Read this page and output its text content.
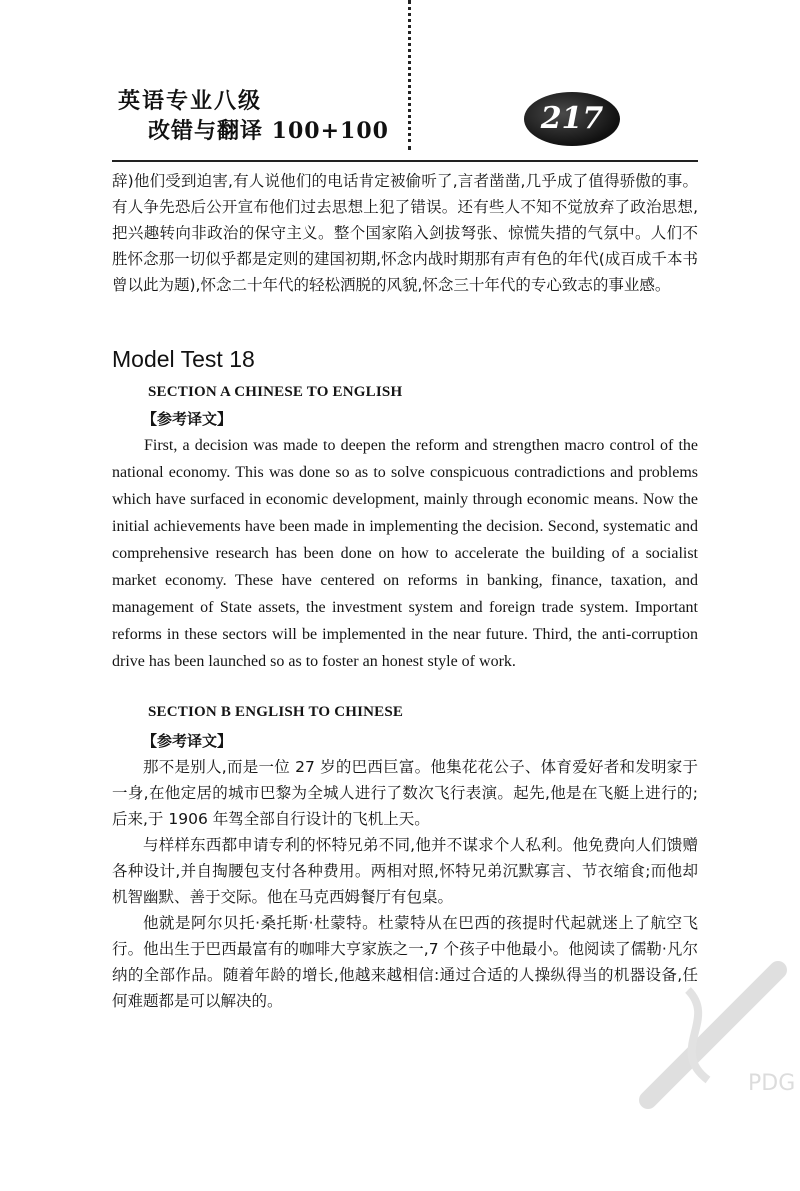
英语专业八级
改错与翻译 100+100	217

辞)他们受到迫害,有人说他们的电话肯定被偷听了,言者凿凿,几乎成了值得骄傲的事。有人争先恐后公开宣布他们过去思想上犯了错误。还有些人不知不觉放弃了政治思想,把兴趣转向非政治的保守主义。整个国家陷入剑拔弩张、惊慌失措的气氛中。人们不胜怀念那一切似乎都是定则的建国初期,怀念内战时期那有声有色的年代(成百成千本书曾以此为题),怀念二十年代的轻松洒脱的风貌,怀念三十年代的专心致志的事业感。

Model Test 18
SECTION A CHINESE TO ENGLISH
【参考译文】

First, a decision was made to deepen the reform and strengthen macro control of the national economy. This was done so as to solve conspicuous contradictions and problems which have surfaced in economic development, mainly through economic means. Now the initial achievements have been made in implementing the decision. Second, systematic and comprehensive research has been done on how to accelerate the building of a socialist market economy. These have centered on reforms in banking, finance, taxation, and management of State assets, the investment system and foreign trade system. Important reforms in these sectors will be implemented in the near future. Third, the anti-corruption drive has been launched so as to foster an honest style of work.

SECTION B ENGLISH TO CHINESE
【参考译文】

那不是别人,而是一位 27 岁的巴西巨富。他集花花公子、体育爱好者和发明家于一身,在他定居的城市巴黎为全城人进行了数次飞行表演。起先,他是在飞艇上进行的;后来,于 1906 年驾全部自行设计的飞机上天。

与样样东西都申请专利的怀特兄弟不同,他并不谋求个人私利。他免费向人们馈赠各种设计,并自掏腰包支付各种费用。两相对照,怀特兄弟沉默寡言、节衣缩食;而他却机智幽默、善于交际。他在马克西姆餐厅有包桌。

他就是阿尔贝托·桑托斯·杜蒙特。杜蒙特从在巴西的孩提时代起就迷上了航空飞行。他出生于巴西最富有的咖啡大亨家族之一,7 个孩子中他最小。他阅读了儒勒·凡尔纳的全部作品。随着年龄的增长,他越来越相信:通过合适的人操纵得当的机器设备,任何难题都是可以解决的。

PDG
